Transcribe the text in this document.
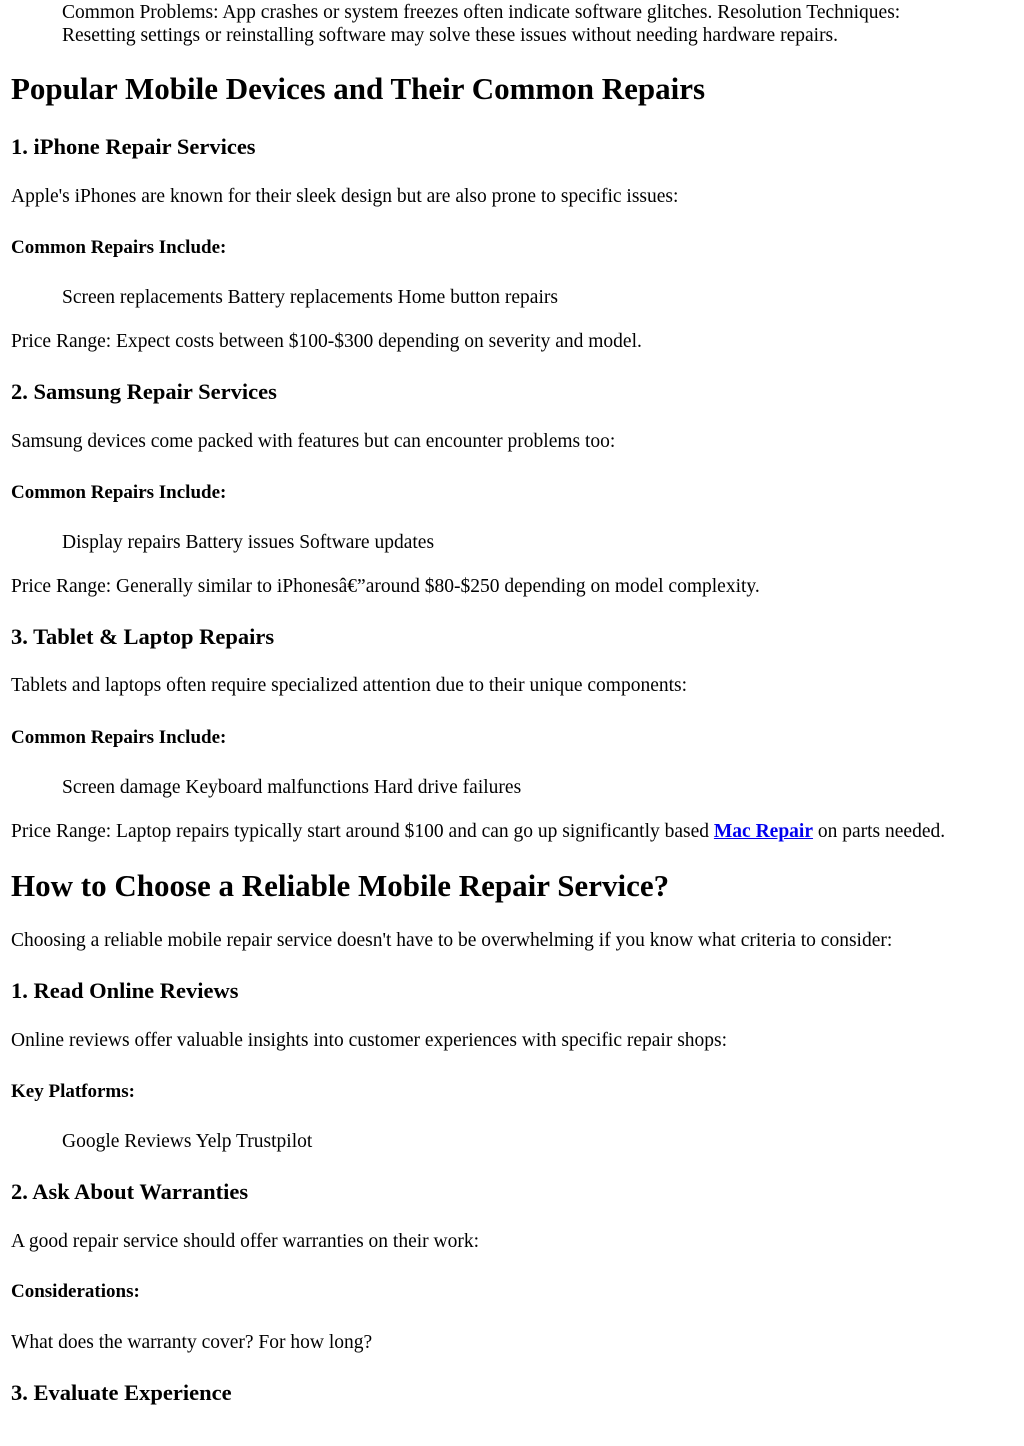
Common Problems: App crashes or system freezes often indicate software glitches. Resolution Techniques:

Resetting settings or reinstalling software may solve these issues without needing hardware repairs.

Popular Mobile Devices and Their Common Repairs
1. iPhone Repair Services

Apple's iPhones are known for their sleek design but are also prone to specific issues:

Common Repairs Include:

Screen replacements Battery replacements Home button repairs

Price Range: Expect costs between $100-$300 depending on severity and model.

2. Samsung Repair Services

Samsung devices come packed with features but can encounter problems too:

Common Repairs Include:

Display repairs Battery issues Software updates

Price Range: Generally similar to iPhonesâ€”around $80-$250 depending on model complexity.

3. Tablet & Laptop Repairs

Tablets and laptops often require specialized attention due to their unique components:

Common Repairs Include:

Screen damage Keyboard malfunctions Hard drive failures

Price Range: Laptop repairs typically start around $100 and can go up significantly based Mac Repair on parts needed.

How to Choose a Reliable Mobile Repair Service?

Choosing a reliable mobile repair service doesn't have to be overwhelming if you know what criteria to consider:

1. Read Online Reviews

Online reviews offer valuable insights into customer experiences with specific repair shops:

Key Platforms:

Google Reviews Yelp Trustpilot

2. Ask About Warranties

A good repair service should offer warranties on their work:

Considerations:

What does the warranty cover? For how long?

3. Evaluate Experience
